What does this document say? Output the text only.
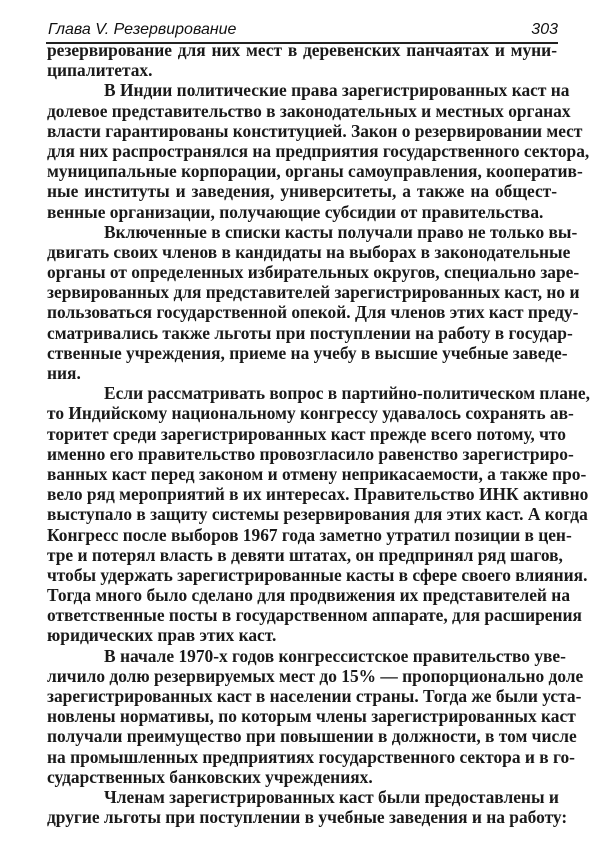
Глава V. Резервирование	303
резервирование для них мест в деревенских панчаятах и муни-
ципалитетах.
В Индии политические права зарегистрированных каст на
долевое представительство в законодательных и местных органах
власти гарантированы конституцией. Закон о резервировании мест
для них распространялся на предприятия государственного сектора,
муниципальные корпорации, органы самоуправления, кооператив-
ные институты и заведения, университеты, а также на общест-
венные организации, получающие субсидии от правительства.
Включенные в списки касты получали право не только вы-
двигать своих членов в кандидаты на выборах в законодательные
органы от определенных избирательных округов, специально заре-
зервированных для представителей зарегистрированных каст, но и
пользоваться государственной опекой. Для членов этих каст преду-
сматривались также льготы при поступлении на работу в государ-
ственные учреждения, приеме на учебу в высшие учебные заведе-
ния.
Если рассматривать вопрос в партийно-политическом плане,
то Индийскому национальному конгрессу удавалось сохранять ав-
торитет среди зарегистрированных каст прежде всего потому, что
именно его правительство провозгласило равенство зарегистриро-
ванных каст перед законом и отмену неприкасаемости, а также про-
вело ряд мероприятий в их интересах. Правительство ИНК активно
выступало в защиту системы резервирования для этих каст. А когда
Конгресс после выборов 1967 года заметно утратил позиции в цен-
тре и потерял власть в девяти штатах, он предпринял ряд шагов,
чтобы удержать зарегистрированные касты в сфере своего влияния.
Тогда много было сделано для продвижения их представителей на
ответственные посты в государственном аппарате, для расширения
юридических прав этих каст.
В начале 1970-х годов конгрессистское правительство уве-
личило долю резервируемых мест до 15% — пропорционально доле
зарегистрированных каст в населении страны. Тогда же были уста-
новлены нормативы, по которым члены зарегистрированных каст
получали преимущество при повышении в должности, в том числе
на промышленных предприятиях государственного сектора и в го-
сударственных банковских учреждениях.
Членам зарегистрированных каст были предоставлены и
другие льготы при поступлении в учебные заведения и на работу:
